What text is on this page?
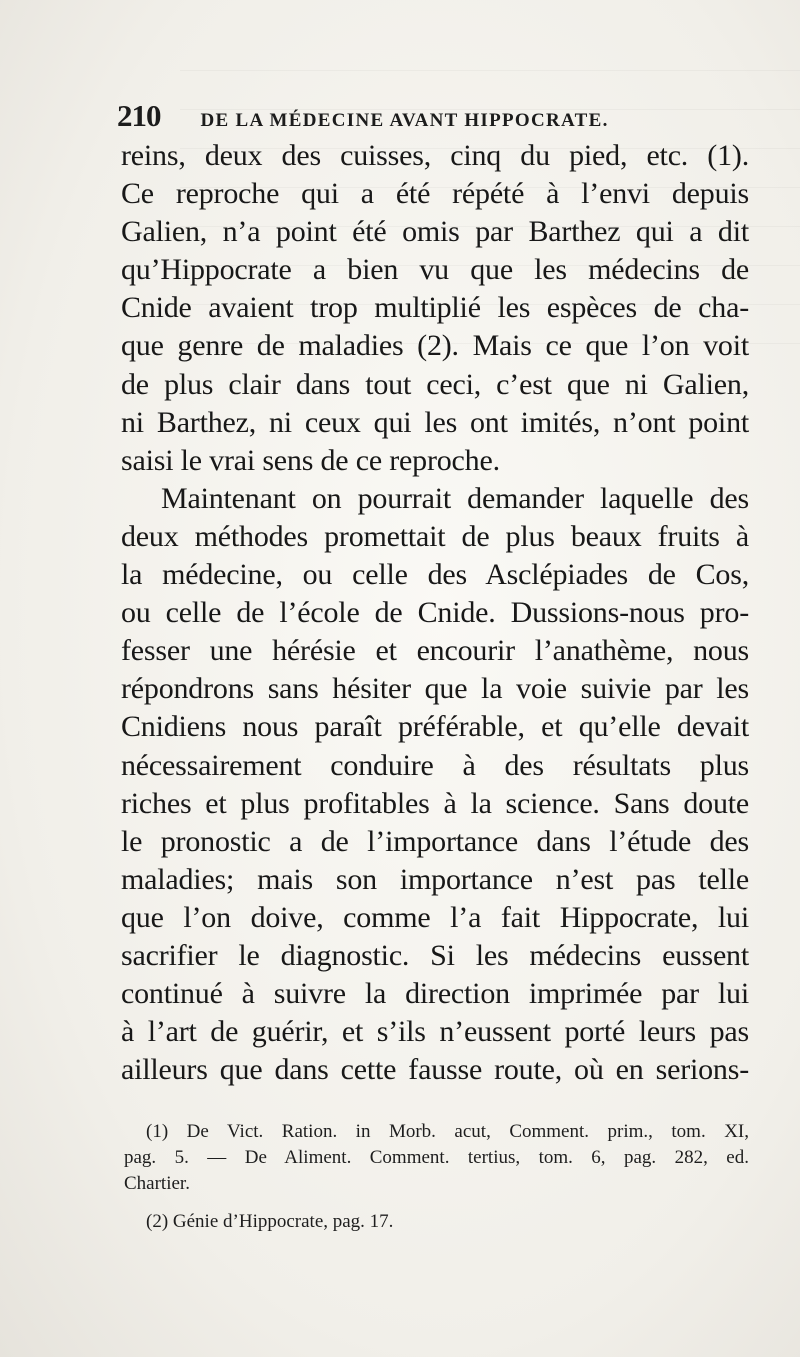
210 DE LA MÉDECINE AVANT HIPPOCRATE.
reins, deux des cuisses, cinq du pied, etc. (1).
Ce reproche qui a été répété à l’envi depuis
Galien, n’a point été omis par Barthez qui a dit
qu’Hippocrate a bien vu que les médecins de
Cnide avaient trop multiplié les espèces de cha-
que genre de maladies (2). Mais ce que l’on voit
de plus clair dans tout ceci, c’est que ni Galien,
ni Barthez, ni ceux qui les ont imités, n’ont point
saisi le vrai sens de ce reproche.
Maintenant on pourrait demander laquelle des
deux méthodes promettait de plus beaux fruits à
la médecine, ou celle des Asclépiades de Cos,
ou celle de l’école de Cnide. Dussions-nous pro-
fesser une hérésie et encourir l’anathème, nous
répondrons sans hésiter que la voie suivie par les
Cnidiens nous paraît préférable, et qu’elle devait
nécessairement conduire à des résultats plus
riches et plus profitables à la science. Sans doute
le pronostic a de l’importance dans l’étude des
maladies; mais son importance n’est pas telle
que l’on doive, comme l’a fait Hippocrate, lui
sacrifier le diagnostic. Si les médecins eussent
continué à suivre la direction imprimée par lui
à l’art de guérir, et s’ils n’eussent porté leurs pas
ailleurs que dans cette fausse route, où en serions-
(1) De Vict. Ration. in Morb. acut, Comment. prim., tom. XI,
pag. 5. — De Aliment. Comment. tertius, tom. 6, pag. 282, ed.
Chartier.
(2) Génie d’Hippocrate, pag. 17.
